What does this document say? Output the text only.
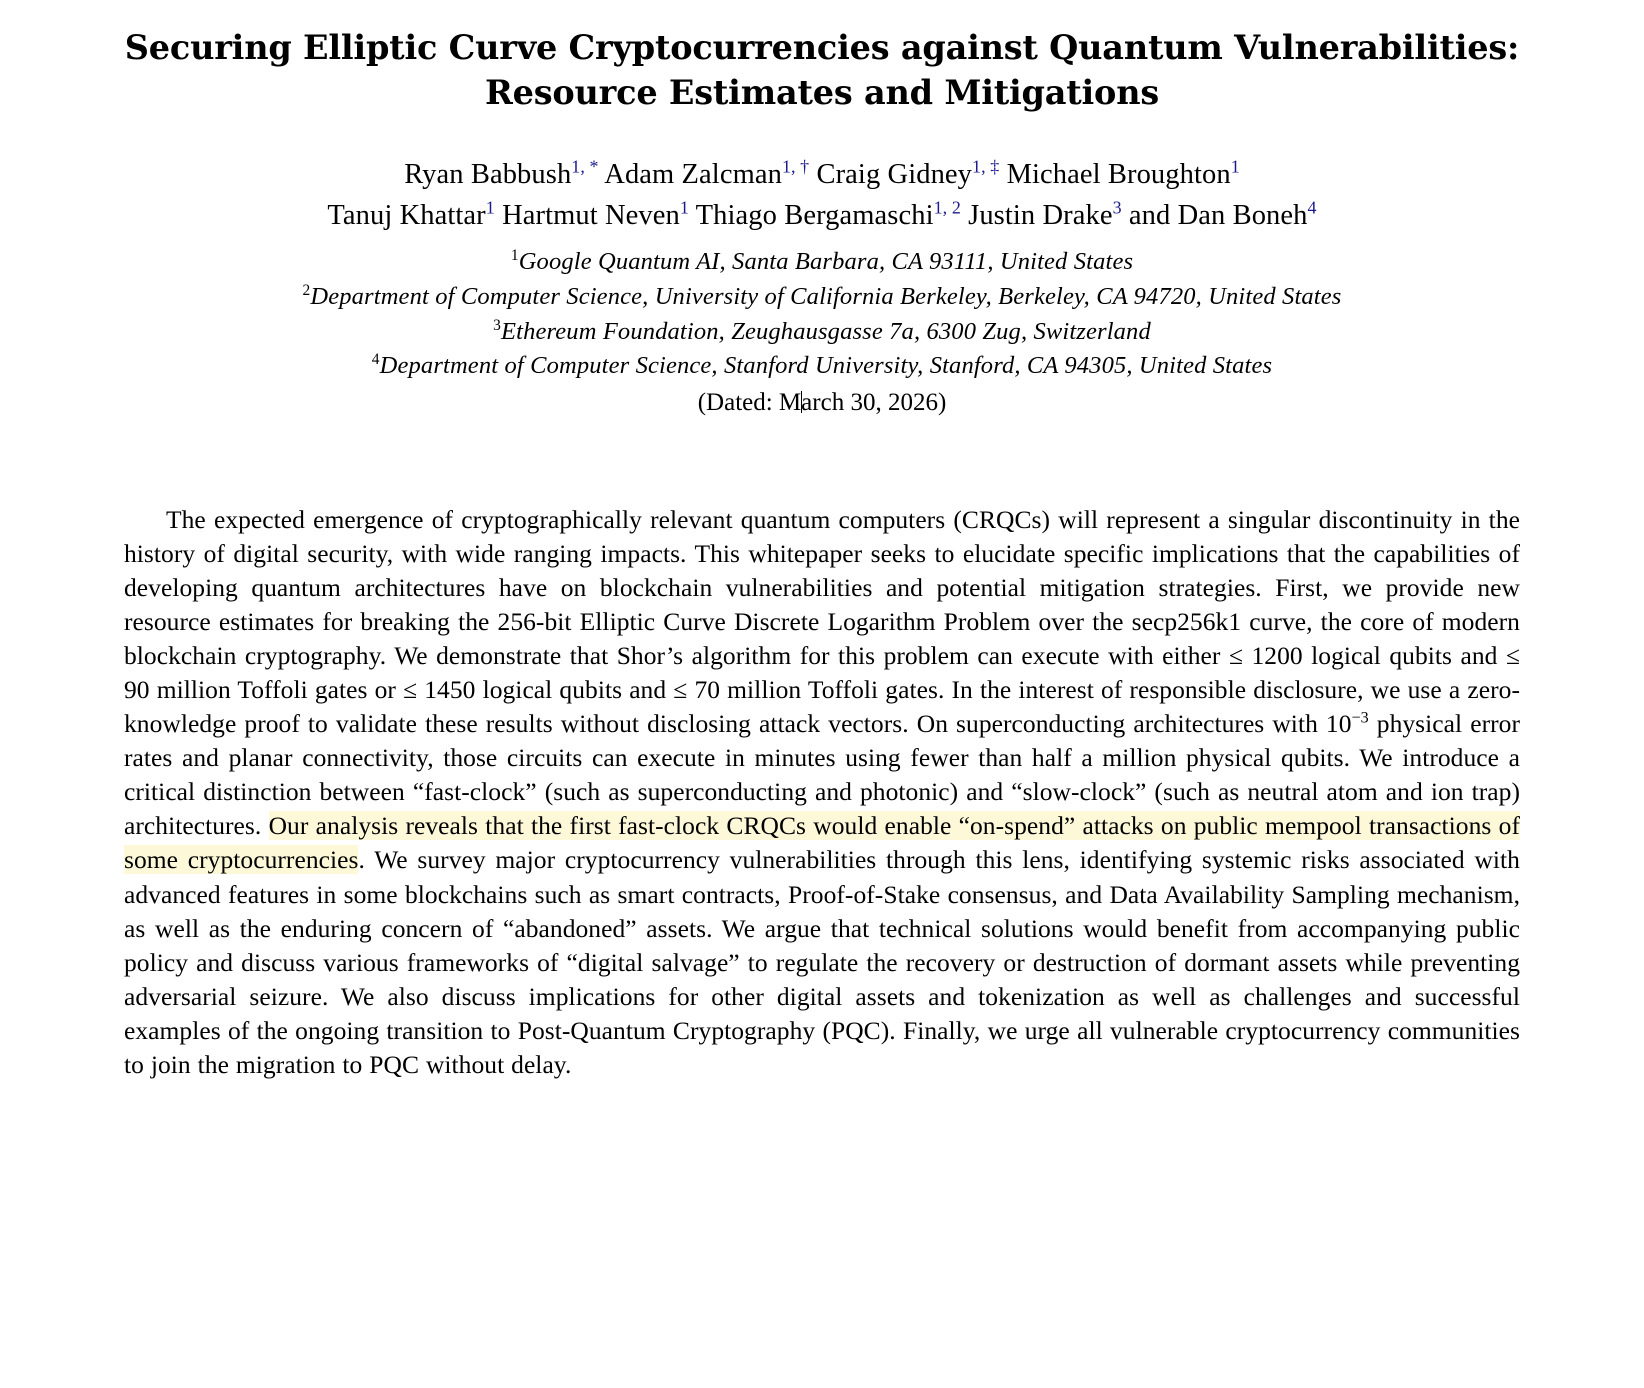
Securing Elliptic Curve Cryptocurrencies against Quantum Vulnerabilities:
Resource Estimates and Mitigations
Ryan Babbush$^{1, *}$ Adam Zalcman$^{1, \dagger}$ Craig Gidney$^{1, \ddagger}$ Michael Broughton$^1$
Tanuj Khattar$^1$ Hartmut Neven$^1$ Thiago Bergamaschi$^{1, 2}$ Justin Drake$^3$ and Dan Boneh$^4$
$^1$Google Quantum AI, Santa Barbara, CA 93111, United States
$^2$Department of Computer Science, University of California Berkeley, Berkeley, CA 94720, United States
$^3$Ethereum Foundation, Zeughausgasse 7a, 6300 Zug, Switzerland
$^4$Department of Computer Science, Stanford University, Stanford, CA 94305, United States
(Dated: March 30, 2026)
The expected emergence of cryptographically relevant quantum computers (CRQCs) will represent a singular discontinuity in the history of digital security, with wide ranging impacts. This whitepaper seeks to elucidate specific implications that the capabilities of developing quantum architectures have on blockchain vulnerabilities and potential mitigation strategies. First, we provide new resource estimates for breaking the 256-bit Elliptic Curve Discrete Logarithm Problem over the secp256k1 curve, the core of modern blockchain cryptography. We demonstrate that Shor’s algorithm for this problem can execute with either ≤ 1200 logical qubits and ≤ 90 million Toffoli gates or ≤ 1450 logical qubits and ≤ 70 million Toffoli gates. In the interest of responsible disclosure, we use a zero-knowledge proof to validate these results without disclosing attack vectors. On superconducting architectures with $10^{-3}$ physical error rates and planar connectivity, those circuits can execute in minutes using fewer than half a million physical qubits. We introduce a critical distinction between “fast-clock” (such as superconducting and photonic) and “slow-clock” (such as neutral atom and ion trap) architectures. Our analysis reveals that the first fast-clock CRQCs would enable “on-spend” attacks on public mempool transactions of some cryptocurrencies. We survey major cryptocurrency vulnerabilities through this lens, identifying systemic risks associated with advanced features in some blockchains such as smart contracts, Proof-of-Stake consensus, and Data Availability Sampling mechanism, as well as the enduring concern of “abandoned” assets. We argue that technical solutions would benefit from accompanying public policy and discuss various frameworks of “digital salvage” to regulate the recovery or destruction of dormant assets while preventing adversarial seizure. We also discuss implications for other digital assets and tokenization as well as challenges and successful examples of the ongoing transition to Post-Quantum Cryptography (PQC). Finally, we urge all vulnerable cryptocurrency communities to join the migration to PQC without delay.
